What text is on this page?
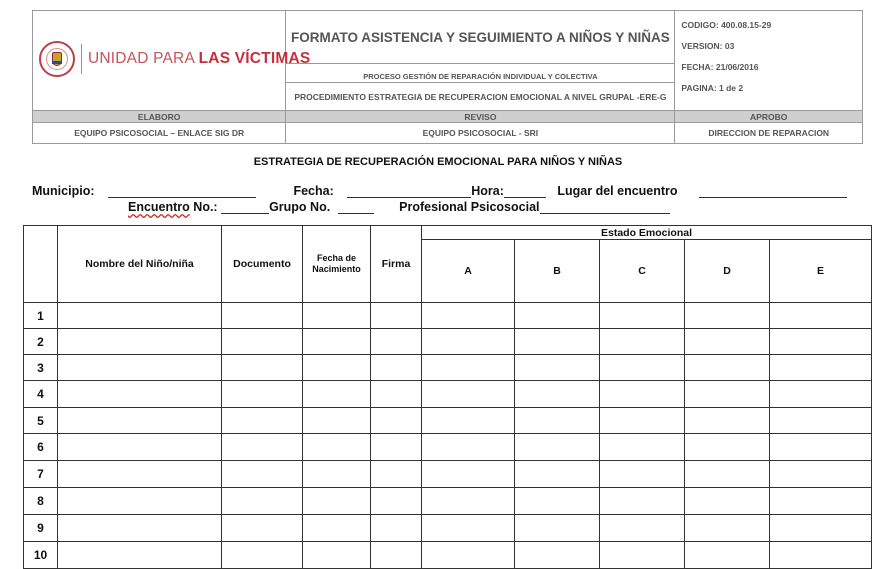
UNIDAD PARA LAS VÍCTIMAS	FORMATO ASISTENCIA Y SEGUIMIENTO A NIÑOS Y NIÑAS	CODIGO: 400.08.15-29
VERSION: 03
FECHA: 21/06/2016
PAGINA: 1 de 2

	PROCESO GESTIÓN DE REPARACIÓN INDIVIDUAL Y COLECTIVA	
	PROCEDIMIENTO ESTRATEGIA DE RECUPERACION EMOCIONAL A NIVEL GRUPAL -ERE-G	
ELABORO	REVISO	APROBO
EQUIPO PSICOSOCIAL – ENLACE SIG DR	EQUIPO PSICOSOCIAL - SRI	DIRECCION DE REPARACION
ESTRATEGIA DE RECUPERACIÓN EMOCIONAL PARA NIÑOS Y NIÑAS
Municipio:	Fecha:	Hora:	Lugar del encuentro
Encuentro No.:	Grupo No.	Profesional Psicosocial
	Nombre del Niño/niña	Documento	Fecha de Nacimiento	Firma	Estado Emocional				
					A	B	C	D	E
1									
2									
3									
4									
5									
6									
7									
8									
9									
10									
